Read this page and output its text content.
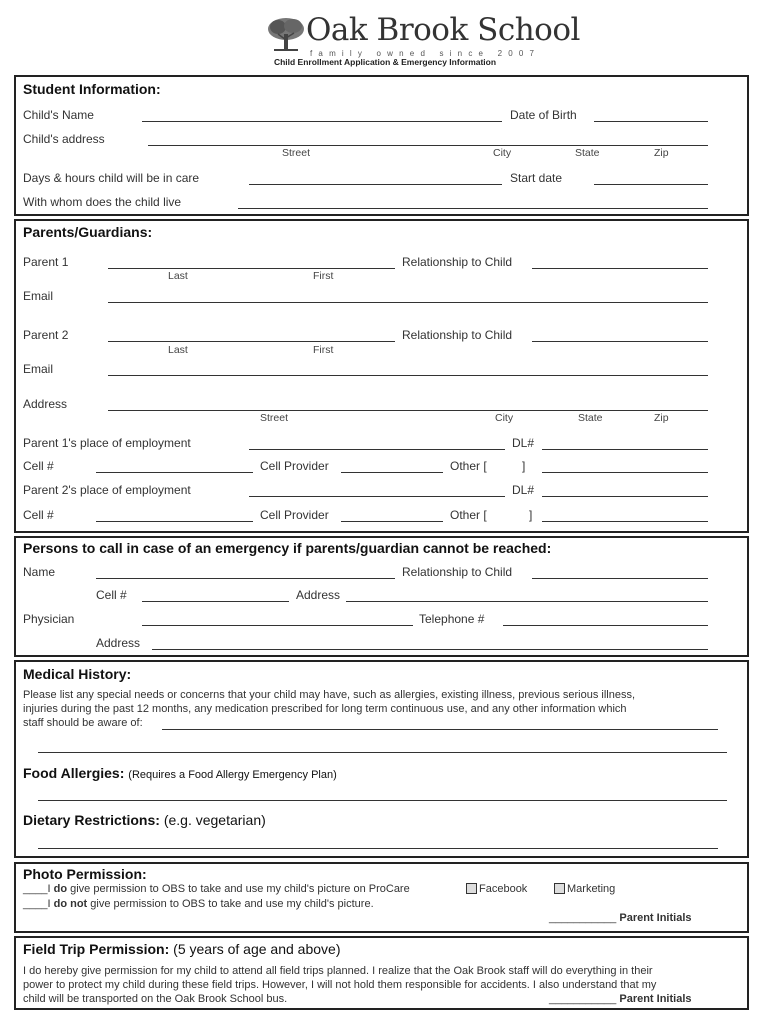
Oak Brook School
family owned since 2007
Child Enrollment Application & Emergency Information
Student Information:
Child's Name	Date of Birth
Child's address
Street	City	State	Zip
Days & hours child will be in care	Start date
With whom does the child live
Parents/Guardians:
Parent 1	Relationship to Child
Last	First
Email
Parent 2	Relationship to Child
Last	First
Email
Address
Street	City	State	Zip
Parent 1's place of employment	DL#
Cell #	Cell Provider	Other [	]
Parent 2's place of employment	DL#
Cell #	Cell Provider	Other [	]
Persons to call in case of an emergency if parents/guardian cannot be reached:
Name	Relationship to Child
Cell #	Address
Physician	Telephone #
Address
Medical History:
Please list any special needs or concerns that your child may have, such as allergies, existing illness, previous serious illness,
injuries during the past 12 months, any medication prescribed for long term continuous use, and any other information which
staff should be aware of:
Food Allergies: (Requires a Food Allergy Emergency Plan)
Dietary Restrictions: (e.g. vegetarian)
Photo Permission:
____I do give permission to OBS to take and use my child's picture on ProCare	Facebook	Marketing
____I do not give permission to OBS to take and use my child's picture.
___________ Parent Initials
Field Trip Permission: (5 years of age and above)
I do hereby give permission for my child to attend all field trips planned. I realize that the Oak Brook staff will do everything in their
power to protect my child during these field trips. However, I will not hold them responsible for accidents. I also understand that my
child will be transported on the Oak Brook School bus.	___________ Parent Initials
